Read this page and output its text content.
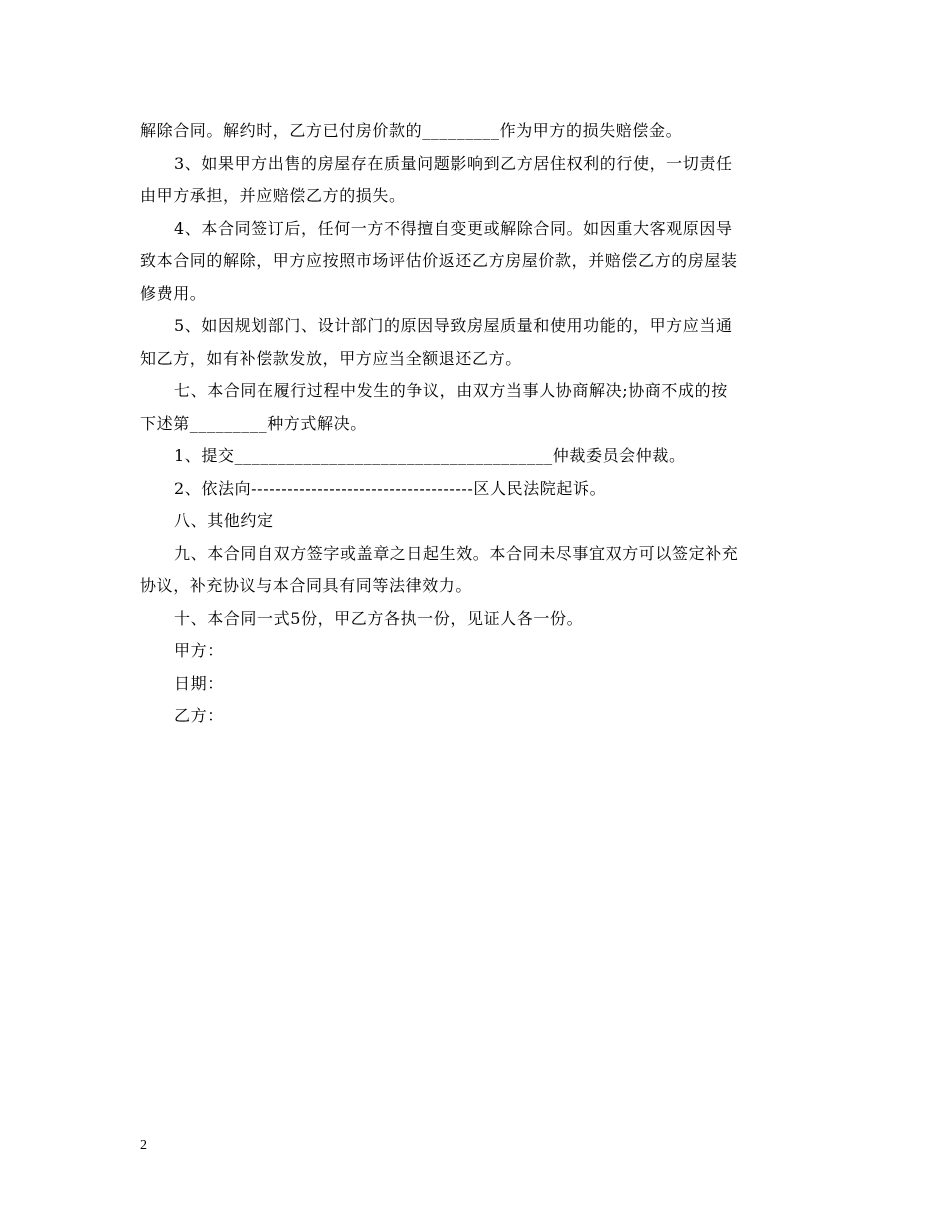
解除合同。解约时，乙方已付房价款的_________作为甲方的损失赔偿金。
3、如果甲方出售的房屋存在质量问题影响到乙方居住权利的行使，一切责任
由甲方承担，并应赔偿乙方的损失。
4、本合同签订后，任何一方不得擅自变更或解除合同。如因重大客观原因导
致本合同的解除，甲方应按照市场评估价返还乙方房屋价款，并赔偿乙方的房屋装
修费用。
5、如因规划部门、设计部门的原因导致房屋质量和使用功能的，甲方应当通
知乙方，如有补偿款发放，甲方应当全额退还乙方。
七、本合同在履行过程中发生的争议，由双方当事人协商解决;协商不成的按
下述第_________种方式解决。
1、提交_____________________________________仲裁委员会仲裁。
2、依法向-------------------------------------区人民法院起诉。
八、其他约定
九、本合同自双方签字或盖章之日起生效。本合同未尽事宜双方可以签定补充
协议，补充协议与本合同具有同等法律效力。
十、本合同一式5份，甲乙方各执一份，见证人各一份。
甲方：
日期：
乙方：
2
